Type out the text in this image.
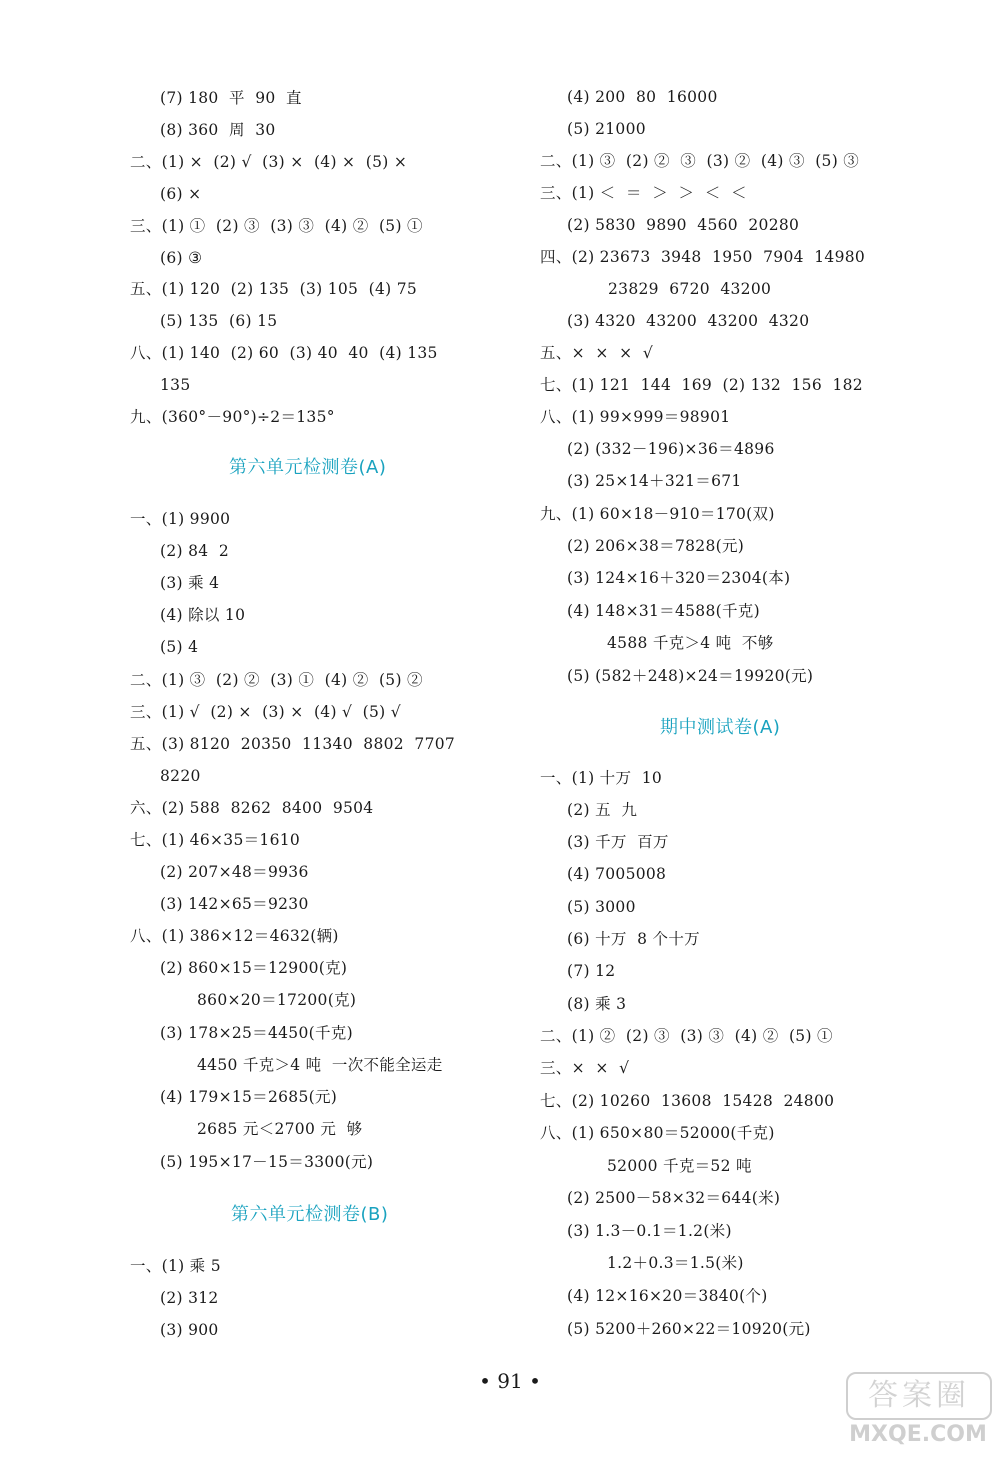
(7) 180  平  90  直
(8) 360  周  30
二、(1) ×  (2) √  (3) ×  (4) ×  (5) ×
(6) ×
三、(1) ①  (2) ③  (3) ③  (4) ②  (5) ①
(6) ③
五、(1) 120  (2) 135  (3) 105  (4) 75
(5) 135  (6) 15
八、(1) 140  (2) 60  (3) 40  40  (4) 135
135
九、(360°－90°)÷2＝135°
第六单元检测卷(A)
一、(1) 9900
(2) 84  2
(3) 乘 4
(4) 除以 10
(5) 4
二、(1) ③  (2) ②  (3) ①  (4) ②  (5) ②
三、(1) √  (2) ×  (3) ×  (4) √  (5) √
五、(3) 8120  20350  11340  8802  7707
8220
六、(2) 588  8262  8400  9504
七、(1) 46×35＝1610
(2) 207×48＝9936
(3) 142×65＝9230
八、(1) 386×12＝4632(辆)
(2) 860×15＝12900(克)
860×20＝17200(克)
(3) 178×25＝4450(千克)
4450 千克＞4 吨  一次不能全运走
(4) 179×15＝2685(元)
2685 元＜2700 元  够
(5) 195×17－15＝3300(元)
第六单元检测卷(B)
一、(1) 乘 5
(2) 312
(3) 900
(4) 200  80  16000
(5) 21000
二、(1) ③  (2) ②  ③  (3) ②  (4) ③  (5) ③
三、(1) ＜  ＝  ＞  ＞  ＜  ＜
(2) 5830  9890  4560  20280
四、(2) 23673  3948  1950  7904  14980
23829  6720  43200
(3) 4320  43200  43200  4320
五、×  ×  ×  √
七、(1) 121  144  169  (2) 132  156  182
八、(1) 99×999＝98901
(2) (332－196)×36＝4896
(3) 25×14＋321＝671
九、(1) 60×18－910＝170(双)
(2) 206×38＝7828(元)
(3) 124×16＋320＝2304(本)
(4) 148×31＝4588(千克)
4588 千克＞4 吨  不够
(5) (582＋248)×24＝19920(元)
期中测试卷(A)
一、(1) 十万  10
(2) 五  九
(3) 千万  百万
(4) 7005008
(5) 3000
(6) 十万  8 个十万
(7) 12
(8) 乘 3
二、(1) ②  (2) ③  (3) ③  (4) ②  (5) ①
三、×  ×  √
七、(2) 10260  13608  15428  24800
八、(1) 650×80＝52000(千克)
52000 千克＝52 吨
(2) 2500－58×32＝644(米)
(3) 1.3－0.1＝1.2(米)
1.2＋0.3＝1.5(米)
(4) 12×16×20＝3840(个)
(5) 5200＋260×22＝10920(元)
• 91 •	答案圈
MXQE.COM
